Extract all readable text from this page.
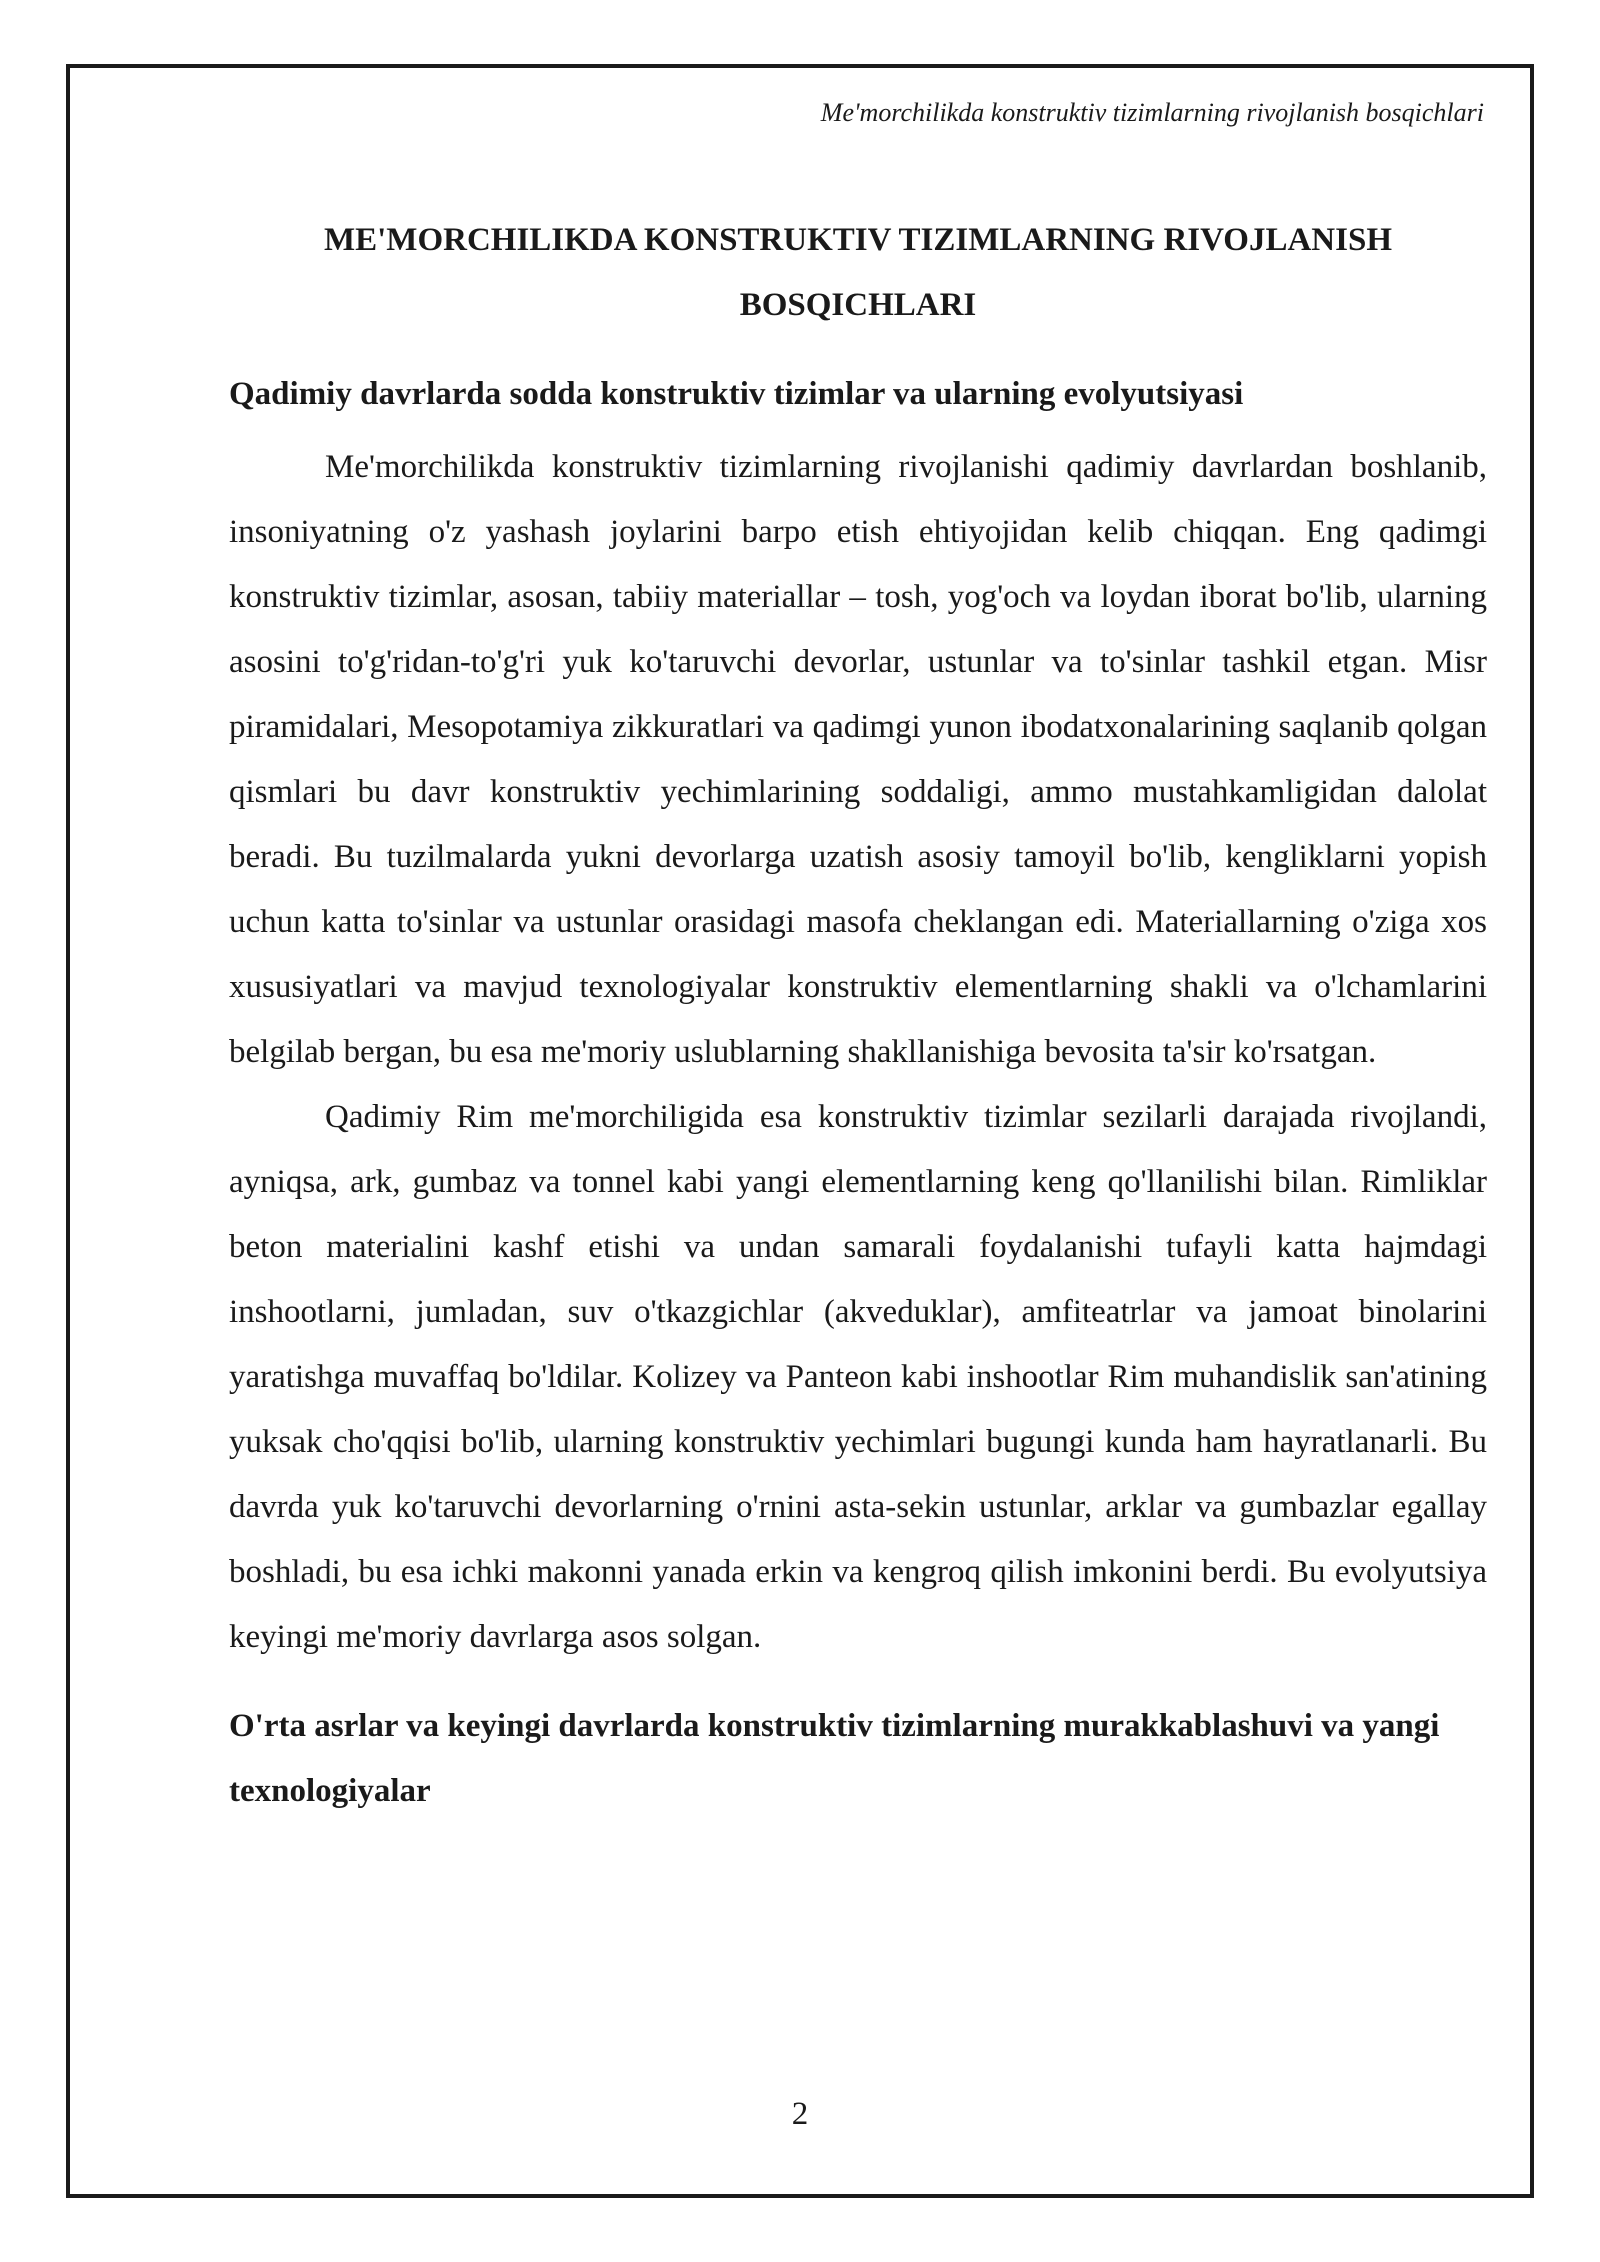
Me'morchilikda konstruktiv tizimlarning rivojlanish bosqichlari
ME'MORCHILIKDA KONSTRUKTIV TIZIMLARNING RIVOJLANISH BOSQICHLARI
Qadimiy davrlarda sodda konstruktiv tizimlar va ularning evolyutsiyasi

Me'morchilikda konstruktiv tizimlarning rivojlanishi qadimiy davrlardan boshlanib, insoniyatning o'z yashash joylarini barpo etish ehtiyojidan kelib chiqqan. Eng qadimgi konstruktiv tizimlar, asosan, tabiiy materiallar – tosh, yog'och va loydan iborat bo'lib, ularning asosini to'g'ridan-to'g'ri yuk ko'taruvchi devorlar, ustunlar va to'sinlar tashkil etgan. Misr piramidalari, Mesopotamiya zikkuratlari va qadimgi yunon ibodatxonalarining saqlanib qolgan qismlari bu davr konstruktiv yechimlarining soddaligi, ammo mustahkamligidan dalolat beradi. Bu tuzilmalarda yukni devorlarga uzatish asosiy tamoyil bo'lib, kengliklarni yopish uchun katta to'sinlar va ustunlar orasidagi masofa cheklangan edi. Materiallarning o'ziga xos xususiyatlari va mavjud texnologiyalar konstruktiv elementlarning shakli va o'lchamlarini belgilab bergan, bu esa me'moriy uslublarning shakllanishiga bevosita ta'sir ko'rsatgan.

Qadimiy Rim me'morchiligida esa konstruktiv tizimlar sezilarli darajada rivojlandi, ayniqsa, ark, gumbaz va tonnel kabi yangi elementlarning keng qo'llanilishi bilan. Rimliklar beton materialini kashf etishi va undan samarali foydalanishi tufayli katta hajmdagi inshootlarni, jumladan, suv o'tkazgichlar (akveduklar), amfiteatrlar va jamoat binolarini yaratishga muvaffaq bo'ldilar. Kolizey va Panteon kabi inshootlar Rim muhandislik san'atining yuksak cho'qqisi bo'lib, ularning konstruktiv yechimlari bugungi kunda ham hayratlanarli. Bu davrda yuk ko'taruvchi devorlarning o'rnini asta-sekin ustunlar, arklar va gumbazlar egallay boshladi, bu esa ichki makonni yanada erkin va kengroq qilish imkonini berdi. Bu evolyutsiya keyingi me'moriy davrlarga asos solgan.

O'rta asrlar va keyingi davrlarda konstruktiv tizimlarning murakkablashuvi va yangi texnologiyalar
2
